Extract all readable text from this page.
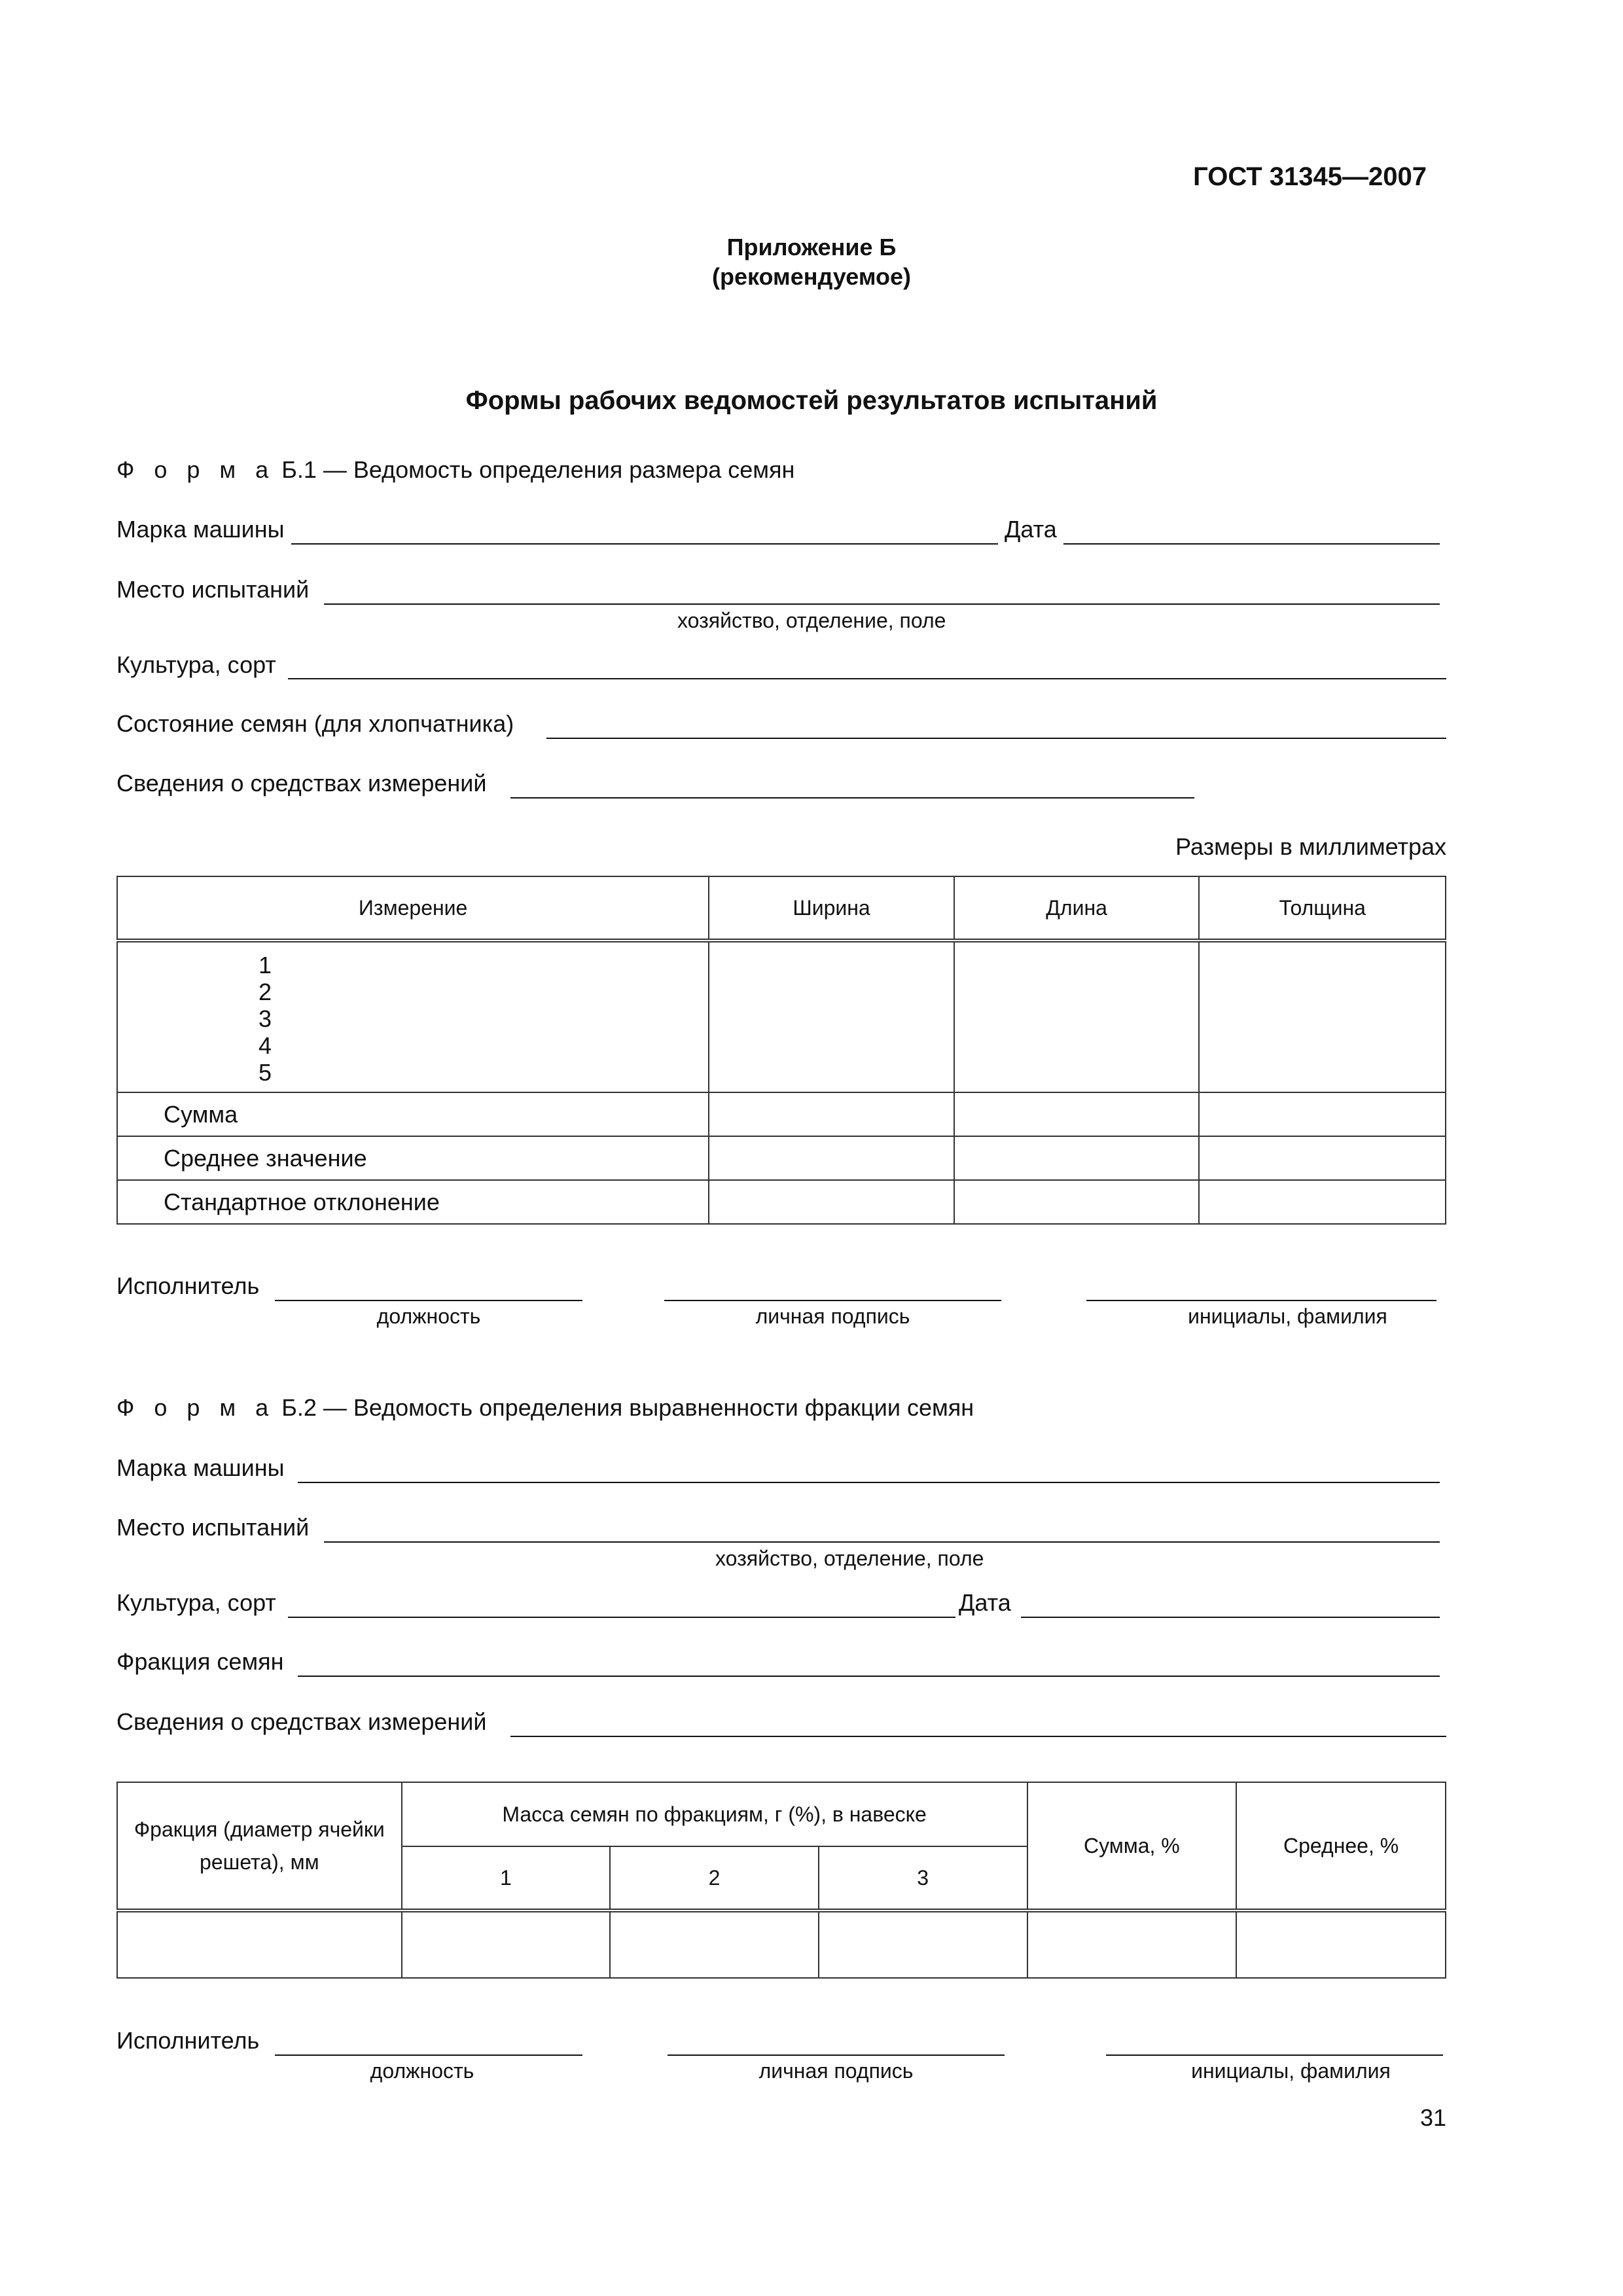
ГОСТ 31345—2007
Приложение Б
(рекомендуемое)
Формы рабочих ведомостей результатов испытаний
Ф о р м а Б.1 — Ведомость определения размера семян
Марка машины	Дата
Место испытаний
хозяйство, отделение, поле
Культура, сорт
Состояние семян (для хлопчатника)
Сведения о средствах измерений
Размеры в миллиметрах
Измерение	Ширина	Длина	Толщина

1
2
3
4
5			

Сумма			
Среднее значение			
Стандартное отклонение			
Исполнитель
должность	личная подпись	инициалы, фамилия
Ф о р м а Б.2 — Ведомость определения выравненности фракции семян
Марка машины
Место испытаний
хозяйство, отделение, поле
Культура, сорт	Дата
Фракция семян
Сведения о средствах измерений
Фракция (диаметр ячейки решета), мм	Масса семян по фракциям, г (%), в навеске			Сумма, %	Среднее, %
	1	2	3		

Исполнитель
должность	личная подпись	инициалы, фамилия
31
